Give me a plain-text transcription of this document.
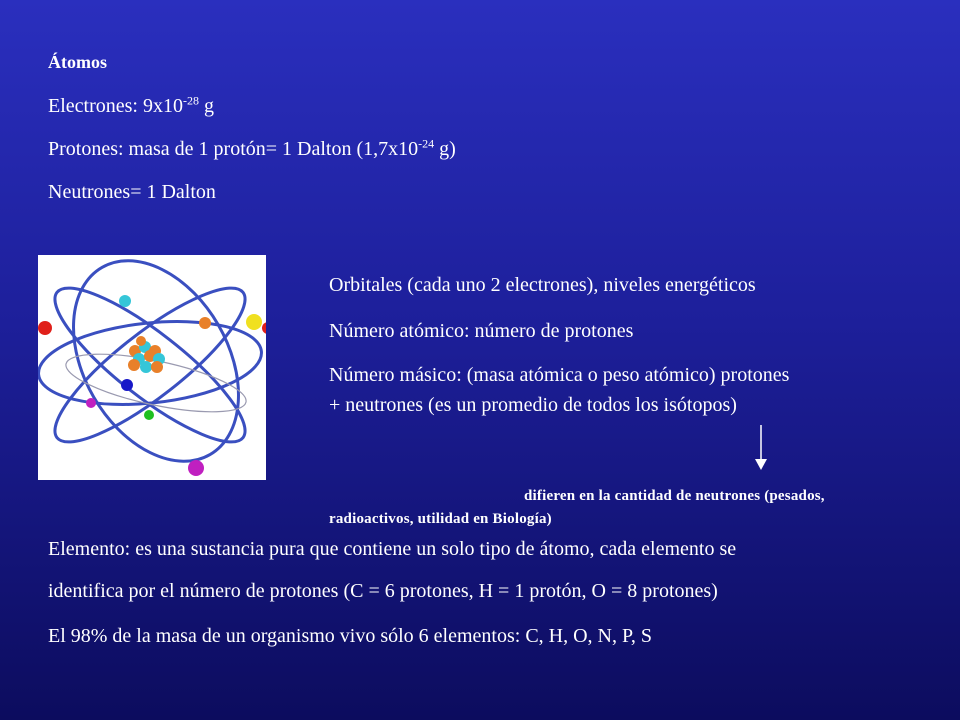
Átomos
Electrones: $9x10^{-28}$ g
Protones: masa de 1 protón= 1 Dalton ($1,7x10^{-24}$ g)
Neutrones= 1 Dalton
Orbitales (cada uno 2 electrones), niveles energéticos
Número atómico: número de protones
Número másico: (masa atómica o peso atómico) protones
+ neutrones (es un promedio de todos los isótopos)
difieren en la cantidad de neutrones (pesados,
radioactivos, utilidad en Biología)
Elemento: es una sustancia pura que contiene un solo tipo de átomo, cada elemento se
identifica por el número de protones (C = 6 protones, H = 1 protón, O = 8 protones)
El 98% de la masa de un organismo vivo sólo 6 elementos: C, H, O, N, P, S
